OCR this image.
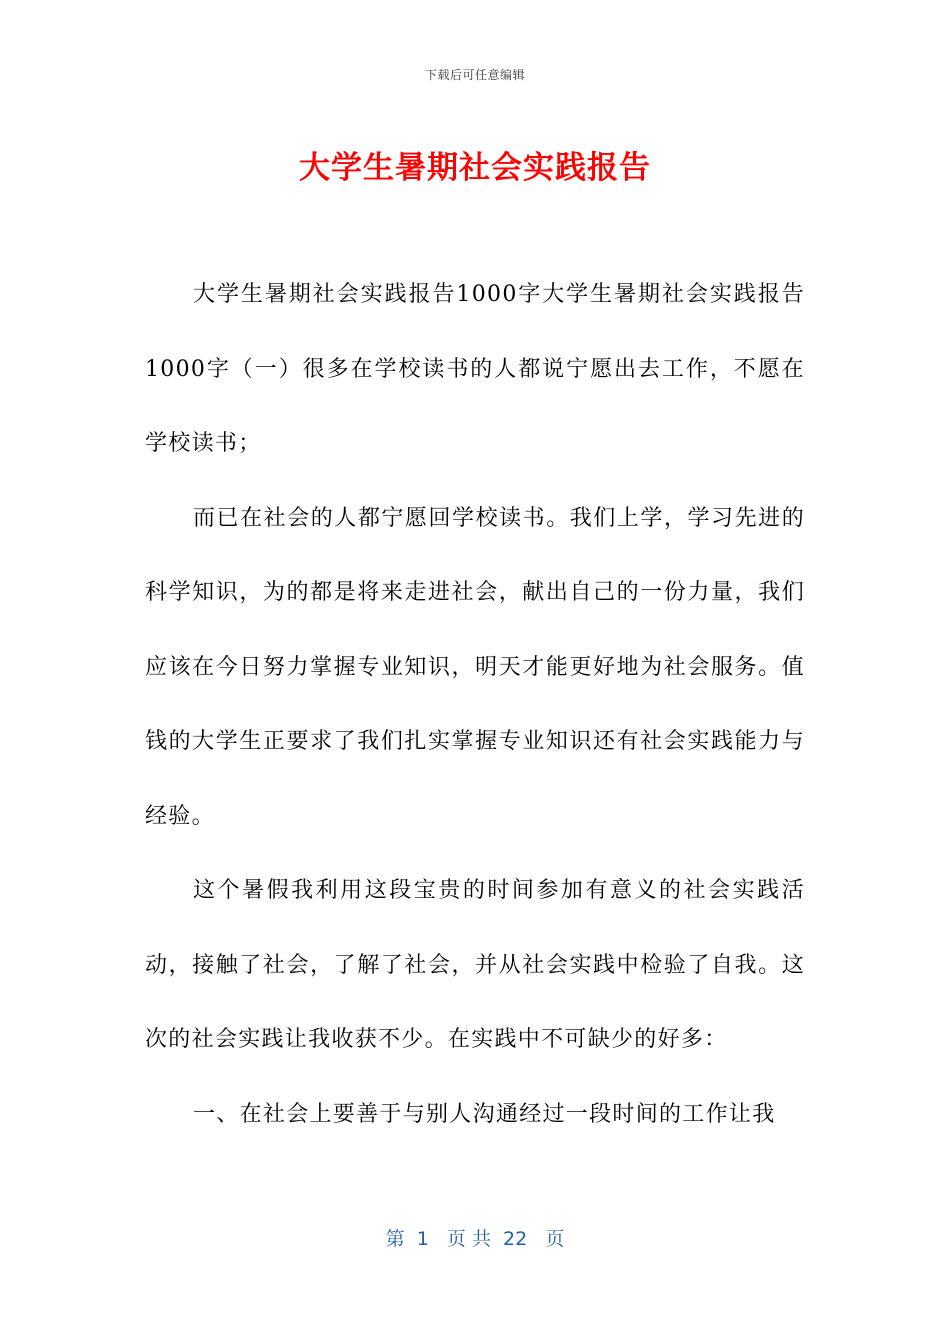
下载后可任意编辑
大学生暑期社会实践报告

大学生暑期社会实践报告1000字大学生暑期社会实践报告1000字（一）很多在学校读书的人都说宁愿出去工作，不愿在学校读书；

而已在社会的人都宁愿回学校读书。我们上学，学习先进的科学知识，为的都是将来走进社会，献出自己的一份力量，我们应该在今日努力掌握专业知识，明天才能更好地为社会服务。值钱的大学生正要求了我们扎实掌握专业知识还有社会实践能力与经验。

这个暑假我利用这段宝贵的时间参加有意义的社会实践活动，接触了社会，了解了社会，并从社会实践中检验了自我。这次的社会实践让我收获不少。在实践中不可缺少的好多：

一、在社会上要善于与别人沟通经过一段时间的工作让我

第  1   页 共  22   页
